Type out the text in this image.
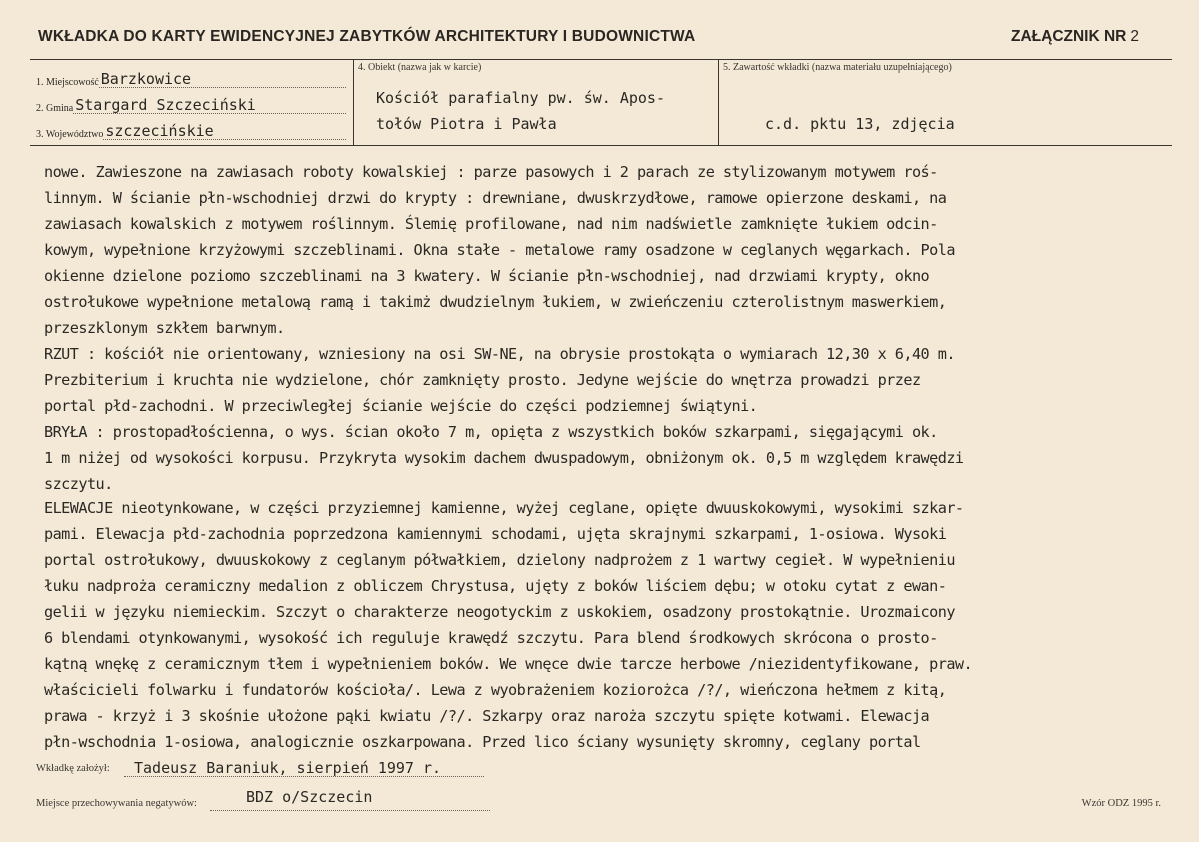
WKŁADKA DO KARTY EWIDENCYJNEJ ZABYTKÓW ARCHITEKTURY I BUDOWNICTWA	ZAŁĄCZNIK NR 2
1. Miejscowość Barzkowice
2. Gmina Stargard Szczeciński
3. Województwo szczecińskie
4. Obiekt (nazwa jak w karcie)
Kościół parafialny pw. św. Apos-
tołów Piotra i Pawła
5. Zawartość wkładki (nazwa materiału uzupełniającego)
c.d. pktu 13, zdjęcia
nowe. Zawieszone na zawiasach roboty kowalskiej : parze pasowych i 2 parach ze stylizowanym motywem roś-
linnym. W ścianie płn-wschodniej drzwi do krypty : drewniane, dwuskrzydłowe, ramowe opierzone deskami, na
zawiasach kowalskich z motywem roślinnym. Ślemię profilowane, nad nim nadświetle zamknięte łukiem odcin-
kowym, wypełnione krzyżowymi szczeblinami. Okna stałe - metalowe ramy osadzone w ceglanych węgarkach. Pola
okienne dzielone poziomo szczeblinami na 3 kwatery. W ścianie płn-wschodniej, nad drzwiami krypty, okno
ostrołukowe wypełnione metalową ramą i takimż dwudzielnym łukiem, w zwieńczeniu czterolistnym maswerkiem,
przeszklonym szkłem barwnym.
RZUT : kościół nie orientowany, wzniesiony na osi SW-NE, na obrysie prostokąta o wymiarach 12,30 x 6,40 m.
Prezbiterium i kruchta nie wydzielone, chór zamknięty prosto. Jedyne wejście do wnętrza prowadzi przez
portal płd-zachodni. W przeciwległej ścianie wejście do części podziemnej świątyni.
BRYŁA : prostopadłościenna, o wys. ścian około 7 m, opięta z wszystkich boków szkarpami, sięgającymi ok.
1 m niżej od wysokości korpusu. Przykryta wysokim dachem dwuspadowym, obniżonym ok. 0,5 m względem krawędzi
szczytu.
ELEWACJE nieotynkowane, w części przyziemnej kamienne, wyżej ceglane, opięte dwuuskokowymi, wysokimi szkar-
pami. Elewacja płd-zachodnia poprzedzona kamiennymi schodami, ujęta skrajnymi szkarpami, 1-osiowa. Wysoki
portal ostrołukowy, dwuuskokowy z ceglanym półwałkiem, dzielony nadprożem z 1 wartwy cegieł. W wypełnieniu
łuku nadproża ceramiczny medalion z obliczem Chrystusa, ujęty z boków liściem dębu; w otoku cytat z ewan-
gelii w języku niemieckim. Szczyt o charakterze neogotyckim z uskokiem, osadzony prostokątnie. Urozmaicony
6 blendami otynkowanymi, wysokość ich reguluje krawędź szczytu. Para blend środkowych skrócona o prosto-
kątną wnękę z ceramicznym tłem i wypełnieniem boków. We wnęce dwie tarcze herbowe /niezidentyfikowane, praw.
właścicieli folwarku i fundatorów kościoła/. Lewa z wyobrażeniem koziorożca /?/, wieńczona hełmem z kitą,
prawa - krzyż i 3 skośnie ułożone pąki kwiatu /?/. Szkarpy oraz naroża szczytu spięte kotwami. Elewacja
płn-wschodnia 1-osiowa, analogicznie oszkarpowana. Przed lico ściany wysunięty skromny, ceglany portal
Wkładkę założył: Tadeusz Baraniuk, sierpień 1997 r.
Miejsce przechowywania negatywów:	BDZ o/Szczecin	Wzór ODZ 1995 r.
